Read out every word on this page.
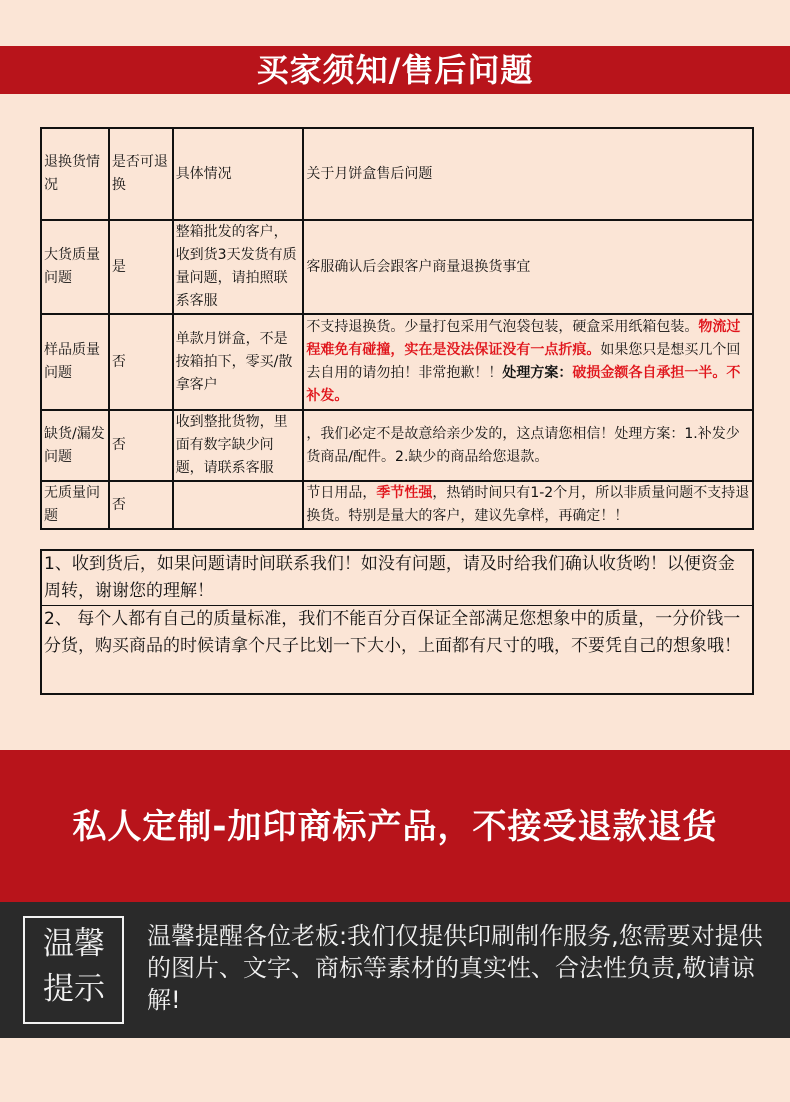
买家须知/售后问题
退换货情况	是否可退换	具体情况	关于月饼盒售后问题
大货质量问题	是	整箱批发的客户，收到货3天发货有质量问题，请拍照联系客服	客服确认后会跟客户商量退换货事宜
样品质量问题	否	单款月饼盒，不是按箱拍下，零买/散拿客户	不支持退换货。少量打包采用气泡袋包装，硬盒采用纸箱包装。物流过程难免有碰撞，实在是没法保证没有一点折痕。如果您只是想买几个回去自用的请勿拍！非常抱歉！！处理方案：破损金额各自承担一半。不补发。
缺货/漏发问题	否	收到整批货物，里面有数字缺少问题，请联系客服	，我们必定不是故意给亲少发的，这点请您相信！处理方案：1.补发少货商品/配件。2.缺少的商品给您退款。
无质量问题	否		节日用品，季节性强，热销时间只有1-2个月，所以非质量问题不支持退换货。特别是量大的客户，建议先拿样，再确定！！
1、收到货后，如果问题请时间联系我们！如没有问题，请及时给我们确认收货哟！以便资金周转，谢谢您的理解！
2、 每个人都有自己的质量标准，我们不能百分百保证全部满足您想象中的质量，一分价钱一分货，购买商品的时候请拿个尺子比划一下大小，上面都有尺寸的哦，不要凭自己的想象哦！
私人定制-加印商标产品，不接受退款退货
温馨
提示
温馨提醒各位老板:我们仅提供印刷制作服务,您需要对提供的图片、文字、商标等素材的真实性、合法性负责,敬请谅解!
